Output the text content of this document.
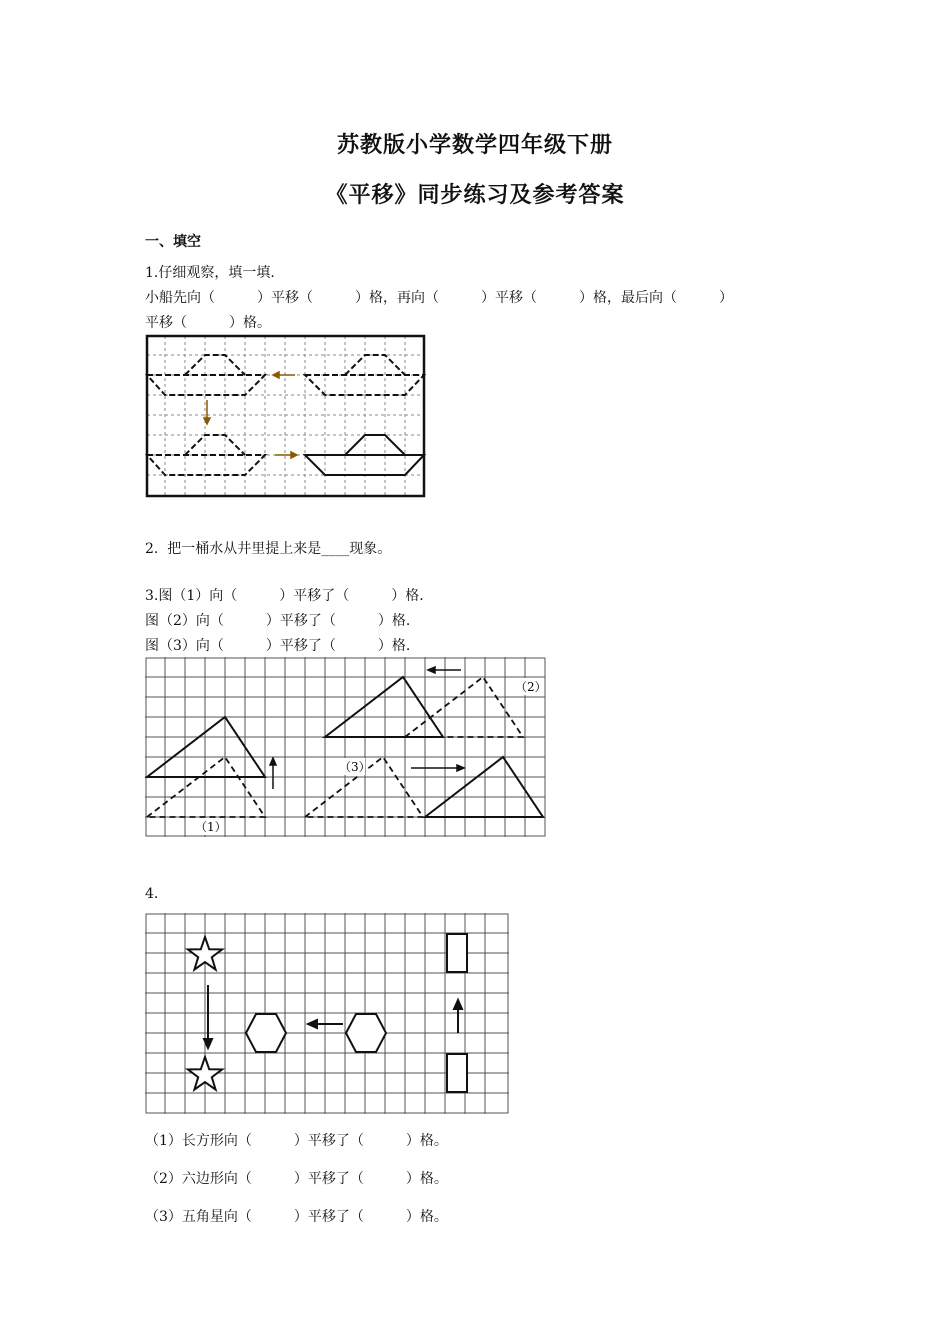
苏教版小学数学四年级下册
《平移》同步练习及参考答案
一、填空
1.仔细观察，填一填.
小船先向（　　　）平移（　　　）格，再向（　　　）平移（　　　）格，最后向（　　　）
平移（　　　）格。
2.  把一桶水从井里提上来是____现象。
3.图（1）向（　　　）平移了（　　　）格.
图（2）向（　　　）平移了（　　　）格.
图（3）向（　　　）平移了（　　　）格.
（2）
（3）
（1）
4.
（1）长方形向（　　　）平移了（　　　）格。
（2）六边形向（　　　）平移了（　　　）格。
（3）五角星向（　　　）平移了（　　　）格。
